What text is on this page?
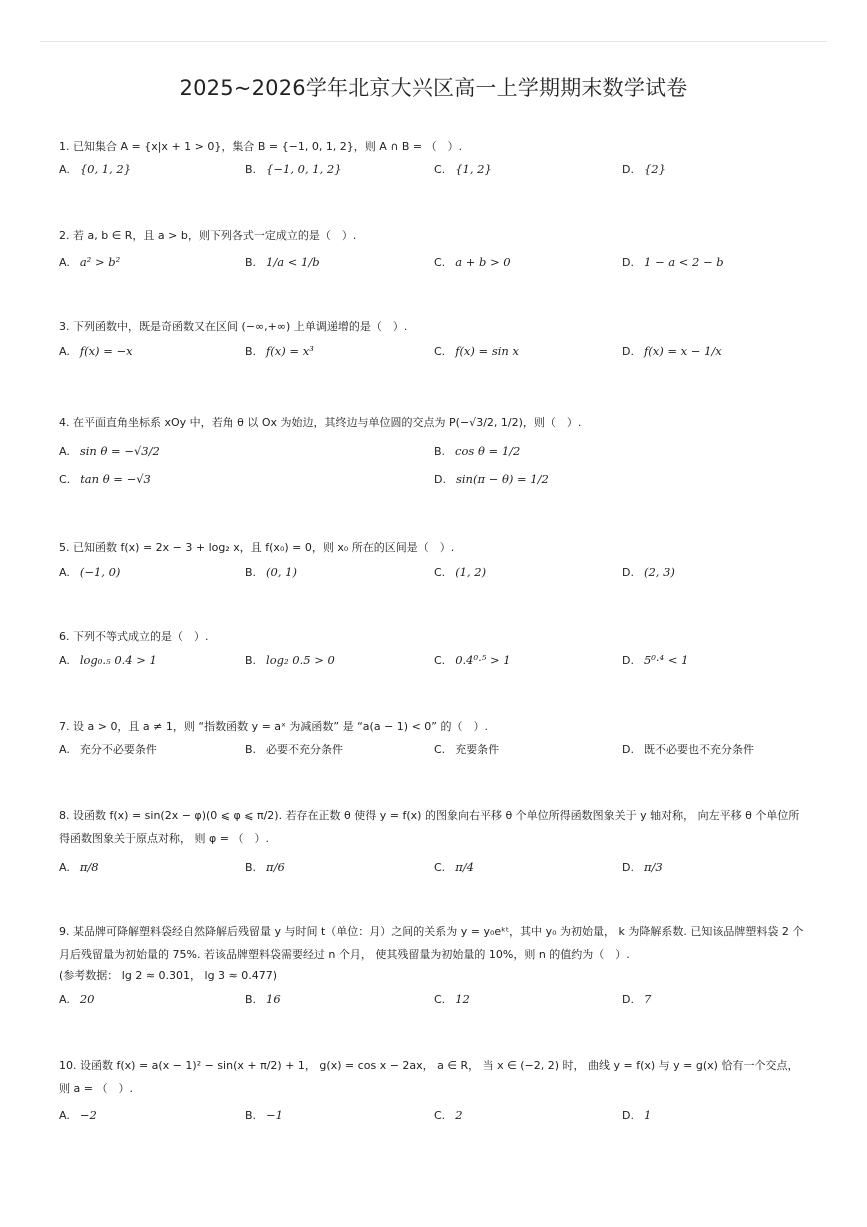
2025~2026学年北京大兴区高一上学期期末数学试卷
1. 已知集合 A = {x|x + 1 > 0}，集合 B = {−1, 0, 1, 2}，则 A ∩ B = （　）.
A. {0, 1, 2}	B. {−1, 0, 1, 2}	C. {1, 2}	D. {2}
2. 若 a, b ∈ R，且 a > b，则下列各式一定成立的是（　）.
A. a² > b²	B. 1/a < 1/b	C. a + b > 0	D. 1 − a < 2 − b
3. 下列函数中，既是奇函数又在区间 (−∞,+∞) 上单调递增的是（　）.
A. f(x) = −x	B. f(x) = x³	C. f(x) = sin x	D. f(x) = x − 1/x
4. 在平面直角坐标系 xOy 中，若角 θ 以 Ox 为始边，其终边与单位圆的交点为 P(−√3/2, 1/2)，则（　）.
A. sin θ = −√3/2	B. cos θ = 1/2
C. tan θ = −√3	D. sin(π − θ) = 1/2
5. 已知函数 f(x) = 2x − 3 + log₂ x，且 f(x₀) = 0，则 x₀ 所在的区间是（　）.
A. (−1, 0)	B. (0, 1)	C. (1, 2)	D. (2, 3)
6. 下列不等式成立的是（　）.
A. log₀.₅ 0.4 > 1	B. log₂ 0.5 > 0	C. 0.4⁰·⁵ > 1	D. 5⁰·⁴ < 1
7. 设 a > 0，且 a ≠ 1，则 “指数函数 y = aˣ 为减函数” 是 “a(a − 1) < 0” 的（　）.
A. 充分不必要条件	B. 必要不充分条件	C. 充要条件	D. 既不必要也不充分条件
8. 设函数 f(x) = sin(2x − φ)(0 ⩽ φ ⩽ π/2). 若存在正数 θ 使得 y = f(x) 的图象向右平移 θ 个单位所得函数图象关于 y 轴对称， 向左平移 θ 个单位所得函数图象关于原点对称， 则 φ = （　）.
A. π/8	B. π/6	C. π/4	D. π/3
9. 某品牌可降解塑料袋经自然降解后残留量 y 与时间 t（单位：月）之间的关系为 y = y₀eᵏᵗ，其中 y₀ 为初始量， k 为降解系数. 已知该品牌塑料袋 2 个月后残留量为初始量的 75%. 若该品牌塑料袋需要经过 n 个月， 使其残留量为初始量的 10%，则 n 的值约为（　）.
(参考数据： lg 2 ≈ 0.301， lg 3 ≈ 0.477)
A. 20	B. 16	C. 12	D. 7
10. 设函数 f(x) = a(x − 1)² − sin(x + π/2) + 1， g(x) = cos x − 2ax， a ∈ R， 当 x ∈ (−2, 2) 时， 曲线 y = f(x) 与 y = g(x) 恰有一个交点， 则 a = （　）.
A. −2	B. −1	C. 2	D. 1
